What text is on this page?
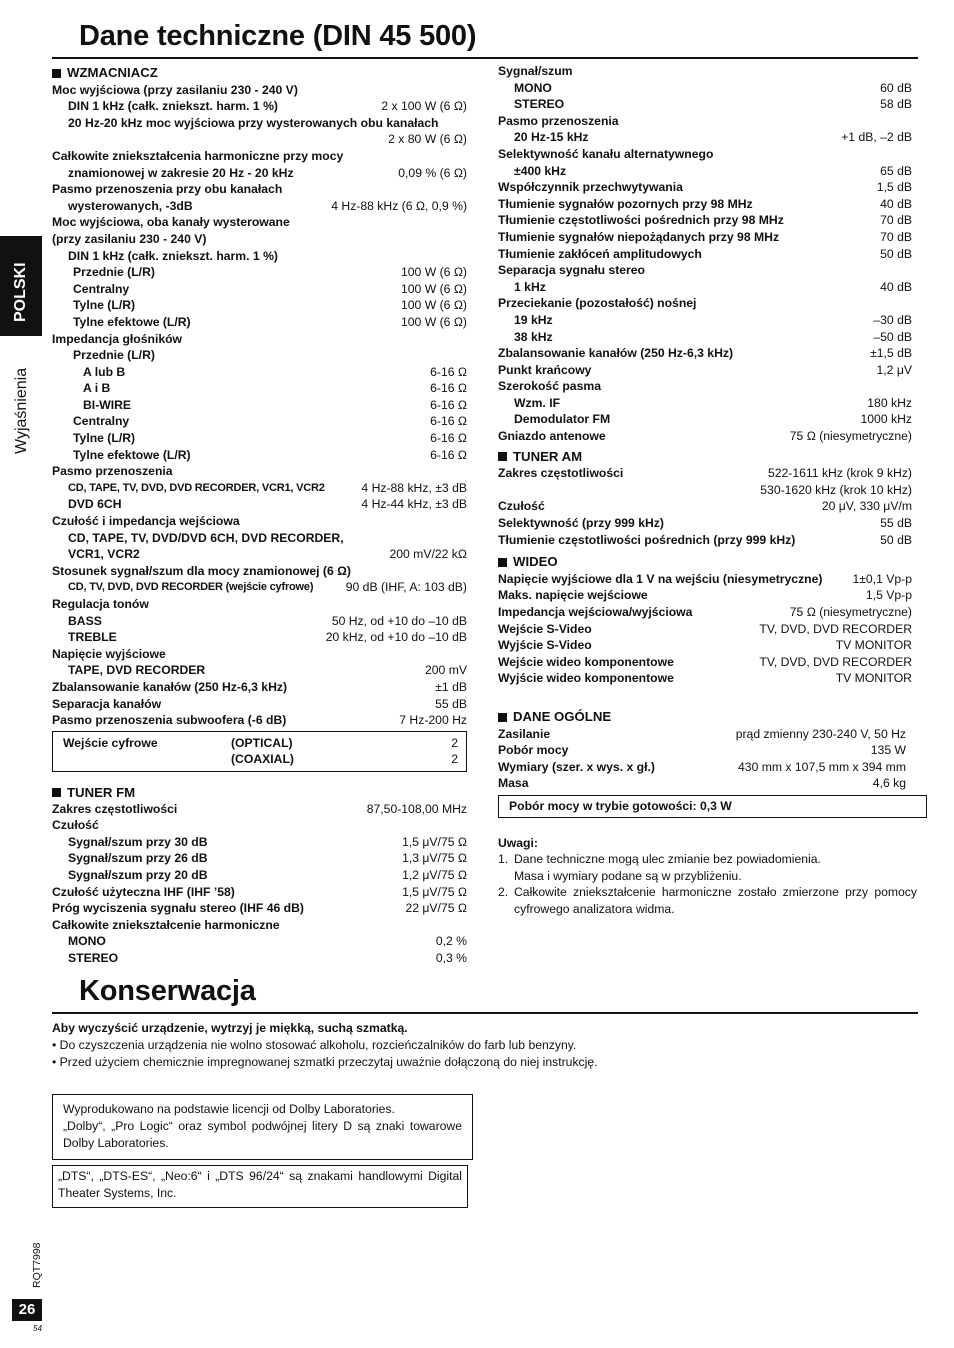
Dane techniczne (DIN 45 500)
POLSKI
Wyjaśnienia
WZMACNIACZ
Moc wyjściowa (przy zasilaniu 230 - 240 V)
DIN 1 kHz (całk. zniekszt. harm. 1 %)	2 x 100 W (6 Ω)
20 Hz-20 kHz moc wyjściowa przy wysterowanych obu kanałach
2 x 80 W (6 Ω)
Całkowite zniekształcenia harmoniczne przy mocy
znamionowej w zakresie 20 Hz - 20 kHz	0,09 % (6 Ω)
Pasmo przenoszenia przy obu kanałach
wysterowanych, -3dB	4 Hz-88 kHz (6 Ω, 0,9 %)
Moc wyjściowa, oba kanały wysterowane
(przy zasilaniu 230 - 240 V)
DIN 1 kHz (całk. zniekszt. harm. 1 %)
Przednie (L/R)	100 W (6 Ω)
Centralny	100 W (6 Ω)
Tylne (L/R)	100 W (6 Ω)
Tylne efektowe (L/R)	100 W (6 Ω)
Impedancja głośników
Przednie (L/R)
A lub B	6-16 Ω
A i B	6-16 Ω
BI-WIRE	6-16 Ω
Centralny	6-16 Ω
Tylne (L/R)	6-16 Ω
Tylne efektowe (L/R)	6-16 Ω
Pasmo przenoszenia
CD, TAPE, TV, DVD, DVD RECORDER, VCR1, VCR2	4 Hz-88 kHz, ±3 dB
DVD 6CH	4 Hz-44 kHz, ±3 dB
Czułość i impedancja wejściowa
CD, TAPE, TV, DVD/DVD 6CH, DVD RECORDER,
VCR1, VCR2	200 mV/22 kΩ
Stosunek sygnał/szum dla mocy znamionowej (6 Ω)
CD, TV, DVD, DVD RECORDER (wejście cyfrowe)	90 dB (IHF, A: 103 dB)
Regulacja tonów
BASS	50 Hz, od +10 do –10 dB
TREBLE	20 kHz, od +10 do –10 dB
Napięcie wyjściowe
TAPE, DVD RECORDER	200 mV
Zbalansowanie kanałów (250 Hz-6,3 kHz)	±1 dB
Separacja kanałów	55 dB
Pasmo przenoszenia subwoofera (-6 dB)	7 Hz-200 Hz
Wejście cyfrowe	(OPTICAL)	2
(COAXIAL)	2
TUNER FM
Zakres częstotliwości	87,50-108,00 MHz
Czułość
Sygnał/szum przy 30 dB	1,5 μV/75 Ω
Sygnał/szum przy 26 dB	1,3 μV/75 Ω
Sygnał/szum przy 20 dB	1,2 μV/75 Ω
Czułość użyteczna IHF (IHF ’58)	1,5 μV/75 Ω
Próg wyciszenia sygnału stereo (IHF 46 dB)	22 μV/75 Ω
Całkowite zniekształcenie harmoniczne
MONO	0,2 %
STEREO	0,3 %
Sygnał/szum
MONO	60 dB
STEREO	58 dB
Pasmo przenoszenia
20 Hz-15 kHz	+1 dB, –2 dB
Selektywność kanału alternatywnego
±400 kHz	65 dB
Współczynnik przechwytywania	1,5 dB
Tłumienie sygnałów pozornych przy 98 MHz	40 dB
Tłumienie częstotliwości pośrednich przy 98 MHz	70 dB
Tłumienie sygnałów niepożądanych przy 98 MHz	70 dB
Tłumienie zakłóceń amplitudowych	50 dB
Separacja sygnału stereo
1 kHz	40 dB
Przeciekanie (pozostałość) nośnej
19 kHz	–30 dB
38 kHz	–50 dB
Zbalansowanie kanałów (250 Hz-6,3 kHz)	±1,5 dB
Punkt krańcowy	1,2 μV
Szerokość pasma
Wzm. IF	180 kHz
Demodulator FM	1000 kHz
Gniazdo antenowe	75 Ω (niesymetryczne)
TUNER AM
Zakres częstotliwości	522-1611 kHz (krok 9 kHz)
530-1620 kHz (krok 10 kHz)
Czułość	20 μV, 330 μV/m
Selektywność (przy 999 kHz)	55 dB
Tłumienie częstotliwości pośrednich (przy 999 kHz)	50 dB
WIDEO
Napięcie wyjściowe dla 1 V na wejściu (niesymetryczne) 1±0,1 Vp-p
Maks. napięcie wejściowe	1,5 Vp-p
Impedancja wejściowa/wyjściowa	75 Ω (niesymetryczne)
Wejście S-Video	TV, DVD, DVD RECORDER
Wyjście S-Video	TV MONITOR
Wejście wideo komponentowe	TV, DVD, DVD RECORDER
Wyjście wideo komponentowe	TV MONITOR
DANE OGÓLNE
Zasilanie	prąd zmienny 230-240 V, 50 Hz
Pobór mocy	135 W
Wymiary (szer. x wys. x gł.)	430 mm x 107,5 mm x 394 mm
Masa	4,6 kg
Pobór mocy w trybie gotowości: 0,3 W
Uwagi:
1. Dane techniczne mogą ulec zmianie bez powiadomienia.
Masa i wymiary podane są w przybliżeniu.
2. Całkowite zniekształcenie harmoniczne zostało zmierzone przy pomocy cyfrowego analizatora widma.
Konserwacja
Aby wyczyścić urządzenie, wytrzyj je miękką, suchą szmatką.
• Do czyszczenia urządzenia nie wolno stosować alkoholu, rozcieńczalników do farb lub benzyny.
• Przed użyciem chemicznie impregnowanej szmatki przeczytaj uważnie dołączoną do niej instrukcję.
Wyprodukowano na podstawie licencji od Dolby Laboratories.
„Dolby“, „Pro Logic“ oraz symbol podwójnej litery D są znaki towarowe Dolby Laboratories.
„DTS“, „DTS-ES“, „Neo:6“ i „DTS 96/24“ są znakami handlowymi Digital Theater Systems, Inc.
RQT7998
26
54
